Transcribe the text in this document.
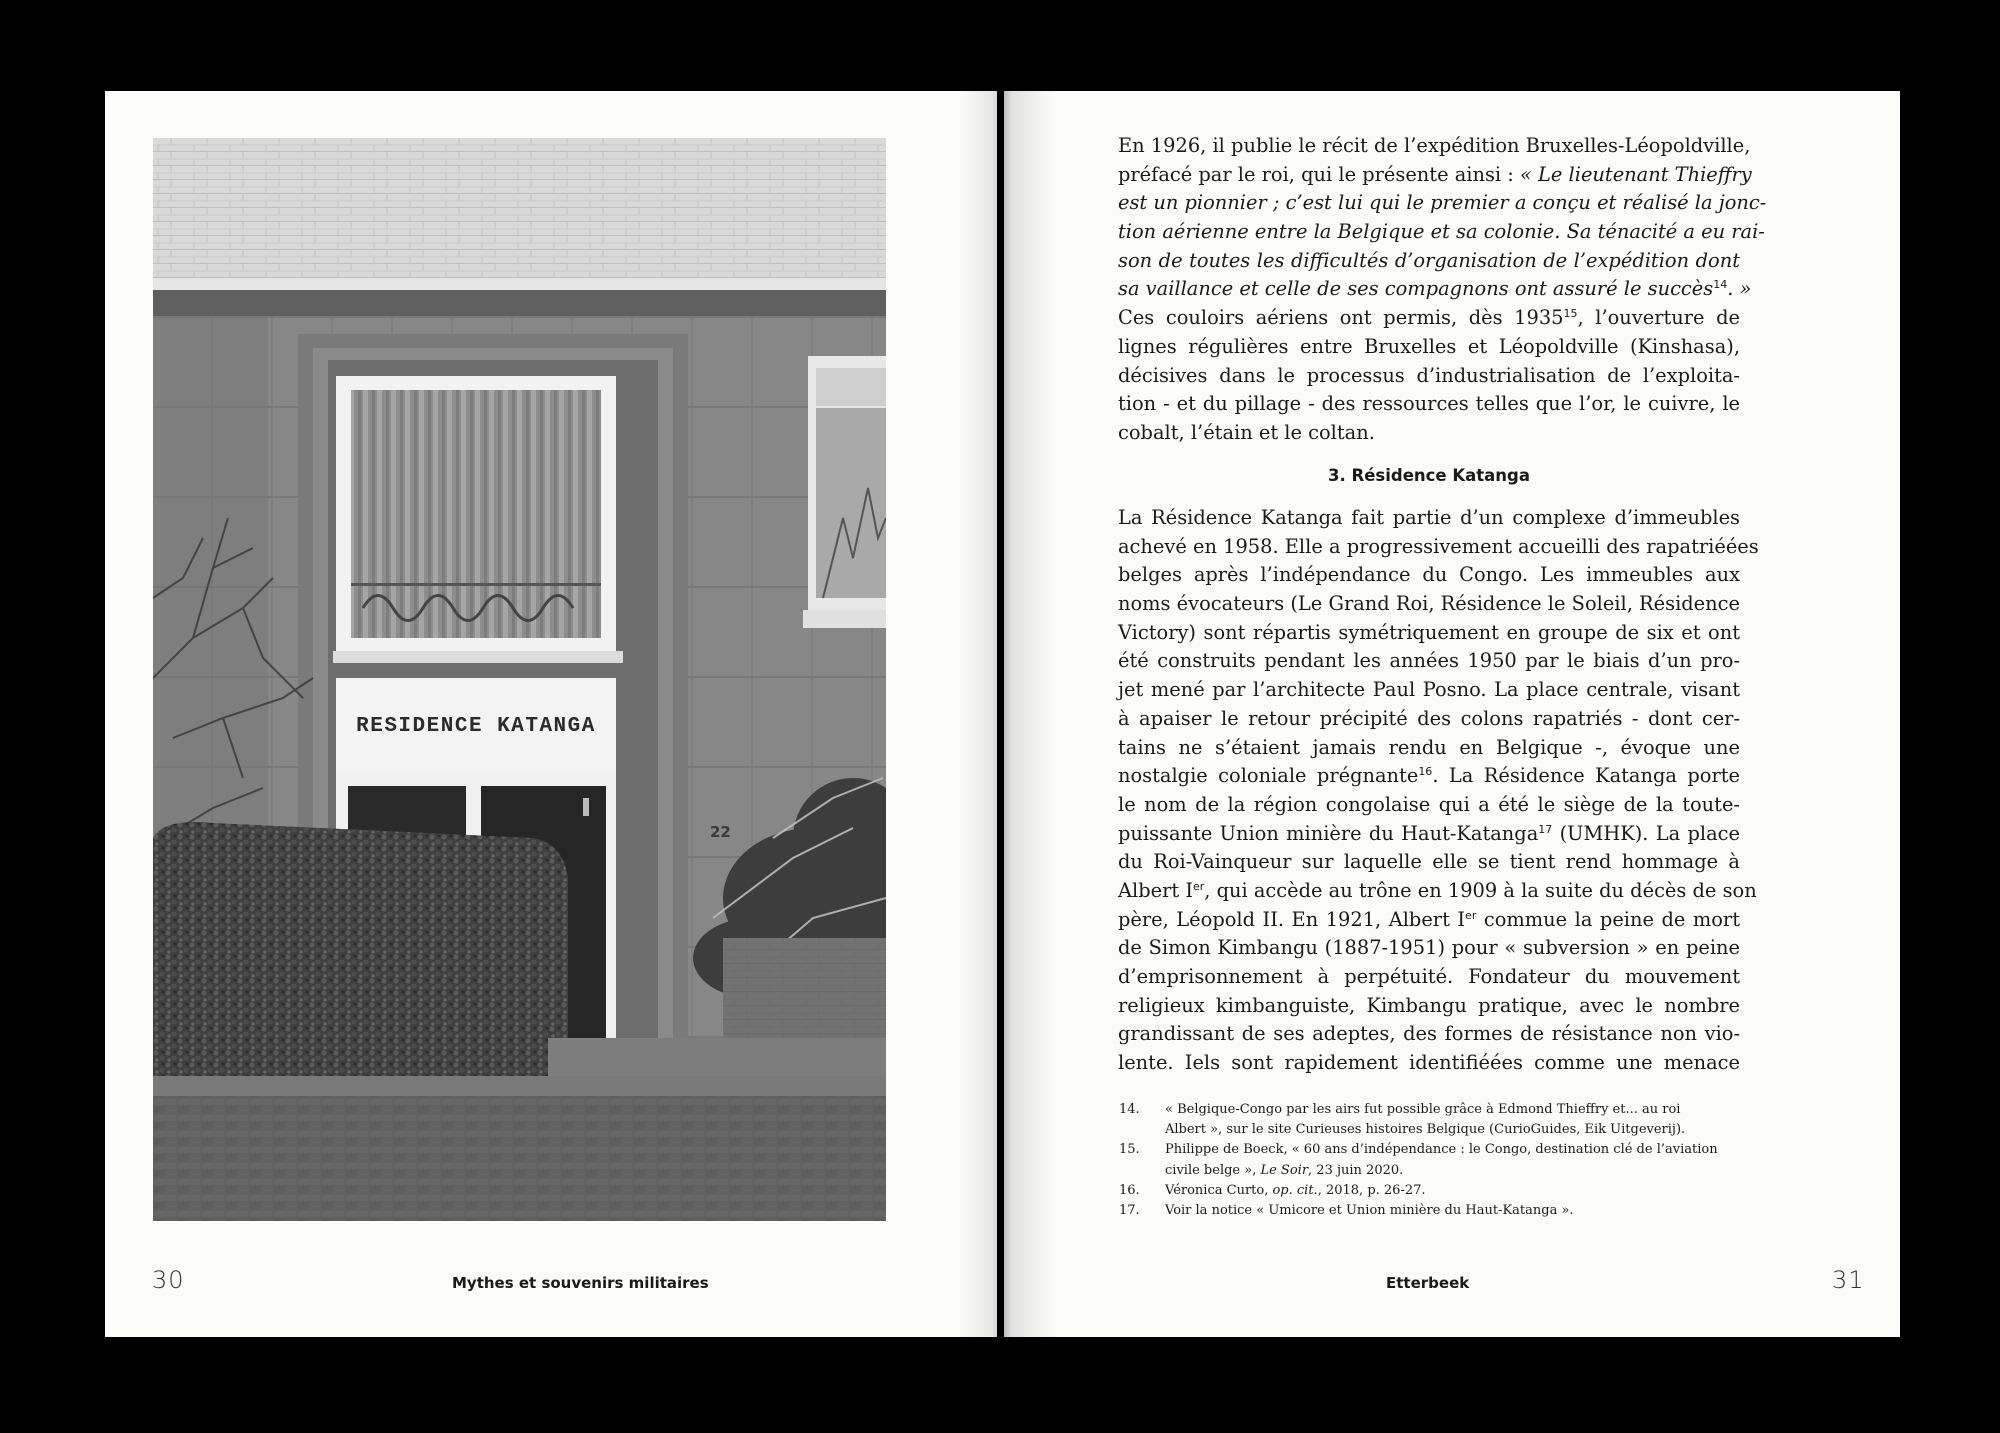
RESIDENCE KATANGA
22
En 1926, il publie le récit de l’expédition Bruxelles-Léopoldville,
préfacé par le roi, qui le présente ainsi : « Le lieutenant Thieffry
est un pionnier ; c’est lui qui le premier a conçu et réalisé la jonc-
tion aérienne entre la Belgique et sa colonie. Sa ténacité a eu rai-
son de toutes les difficultés d’organisation de l’expédition dont
sa vaillance et celle de ses compagnons ont assuré le succès$^{14}$. »
Ces couloirs aériens ont permis, dès 1935$^{15}$, l’ouverture de
lignes régulières entre Bruxelles et Léopoldville (Kinshasa),
décisives dans le processus d’industrialisation de l’exploita-
tion - et du pillage - des ressources telles que l’or, le cuivre, le
cobalt, l’étain et le coltan.
3. Résidence Katanga
La Résidence Katanga fait partie d’un complexe d’immeubles
achevé en 1958. Elle a progressivement accueilli des rapatriéées
belges après l’indépendance du Congo. Les immeubles aux
noms évocateurs (Le Grand Roi, Résidence le Soleil, Résidence
Victory) sont répartis symétriquement en groupe de six et ont
été construits pendant les années 1950 par le biais d’un pro-
jet mené par l’architecte Paul Posno. La place centrale, visant
à apaiser le retour précipité des colons rapatriés - dont cer-
tains ne s’étaient jamais rendu en Belgique -, évoque une
nostalgie coloniale prégnante$^{16}$. La Résidence Katanga porte
le nom de la région congolaise qui a été le siège de la toute-
puissante Union minière du Haut-Katanga$^{17}$ (UMHK). La place
du Roi-Vainqueur sur laquelle elle se tient rend hommage à
Albert Ier, qui accède au trône en 1909 à la suite du décès de son
père, Léopold II. En 1921, Albert Ier commue la peine de mort
de Simon Kimbangu (1887-1951) pour « subversion » en peine
d’emprisonnement à perpétuité. Fondateur du mouvement
religieux kimbanguiste, Kimbangu pratique, avec le nombre
grandissant de ses adeptes, des formes de résistance non vio-
lente. Iels sont rapidement identifiéées comme une menace
14. « Belgique-Congo par les airs fut possible grâce à Edmond Thieffry et... au roi
Albert », sur le site Curieuses histoires Belgique (CurioGuides, Eik Uitgeverij).
15. Philippe de Boeck, « 60 ans d’indépendance : le Congo, destination clé de l’aviation
civile belge », Le Soir, 23 juin 2020.
16. Véronica Curto, op. cit., 2018, p. 26-27.
17. Voir la notice « Umicore et Union minière du Haut-Katanga ».
30	Mythes et souvenirs militaires	Etterbeek	31
